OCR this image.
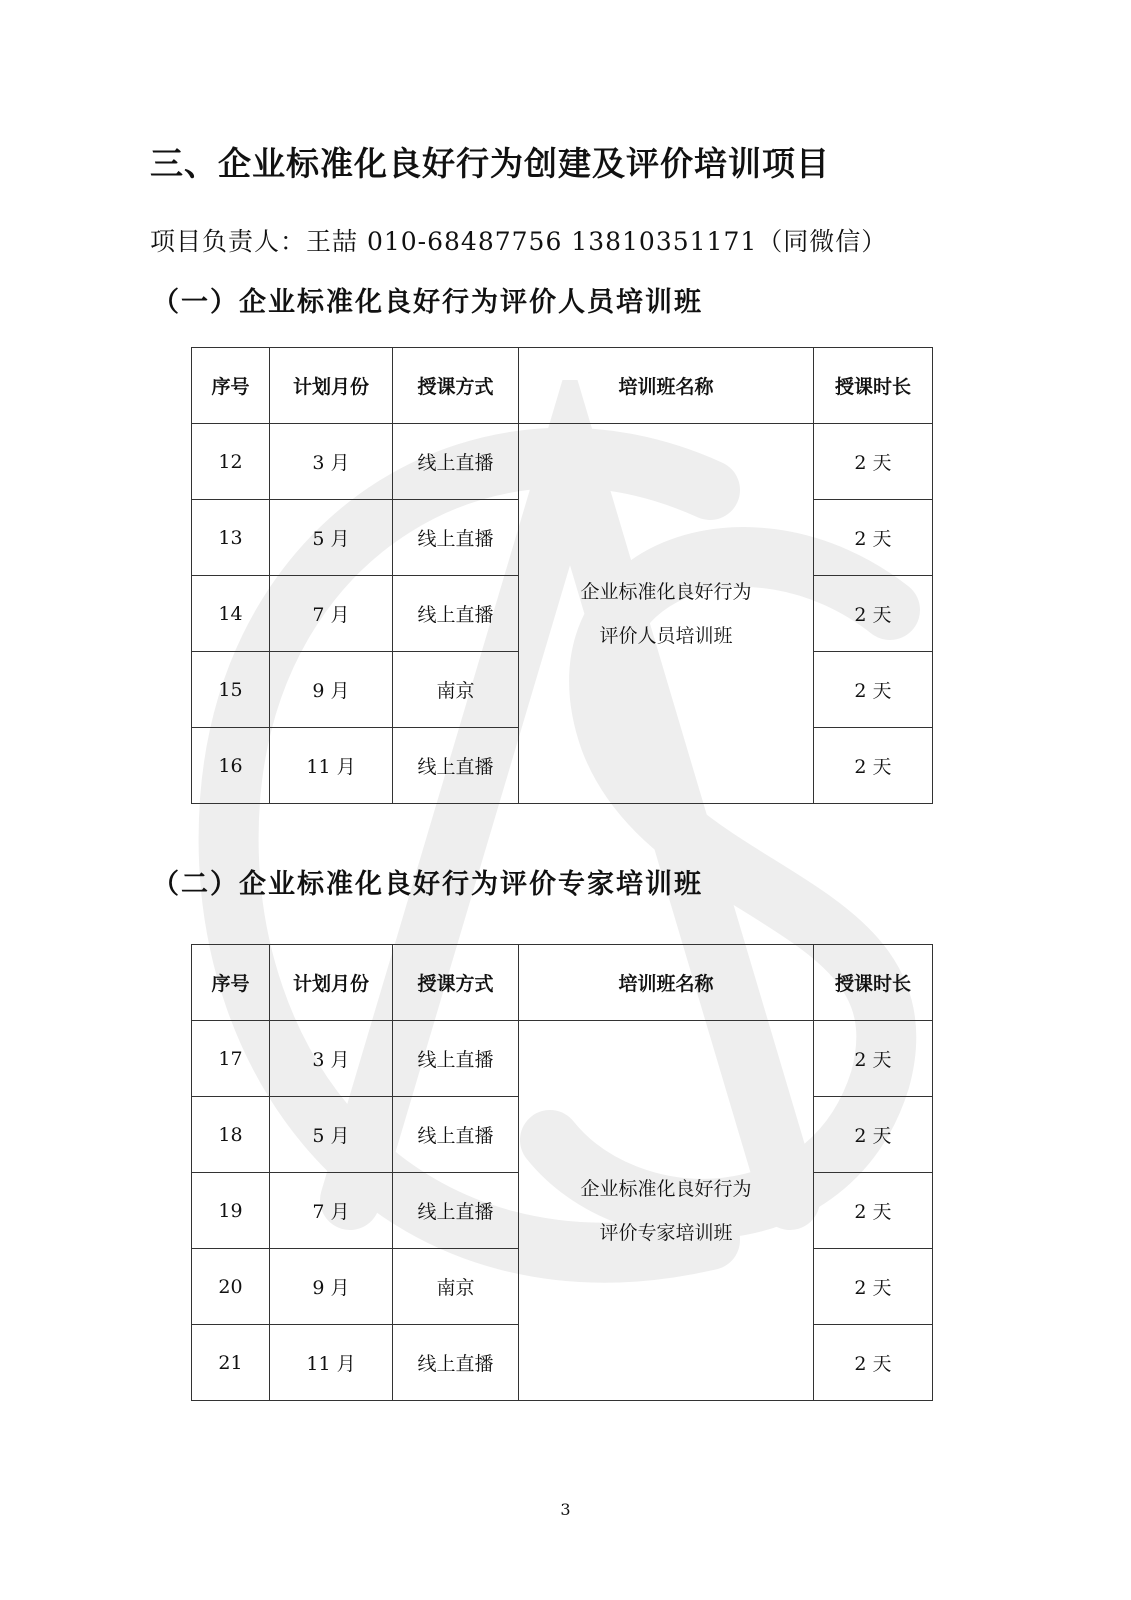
三、企业标准化良好行为创建及评价培训项目
项目负责人：王喆 010-68487756 13810351171（同微信）
（一）企业标准化良好行为评价人员培训班
序号	计划月份	授课方式	培训班名称	授课时长
12	3 月	线上直播	企业标准化良好行为
评价人员培训班	2 天
13	5 月	线上直播		2 天
14	7 月	线上直播		2 天
15	9 月	南京		2 天
16	11 月	线上直播		2 天
（二）企业标准化良好行为评价专家培训班
序号	计划月份	授课方式	培训班名称	授课时长
17	3 月	线上直播	企业标准化良好行为
评价专家培训班	2 天
18	5 月	线上直播		2 天
19	7 月	线上直播		2 天
20	9 月	南京		2 天
21	11 月	线上直播		2 天
3
